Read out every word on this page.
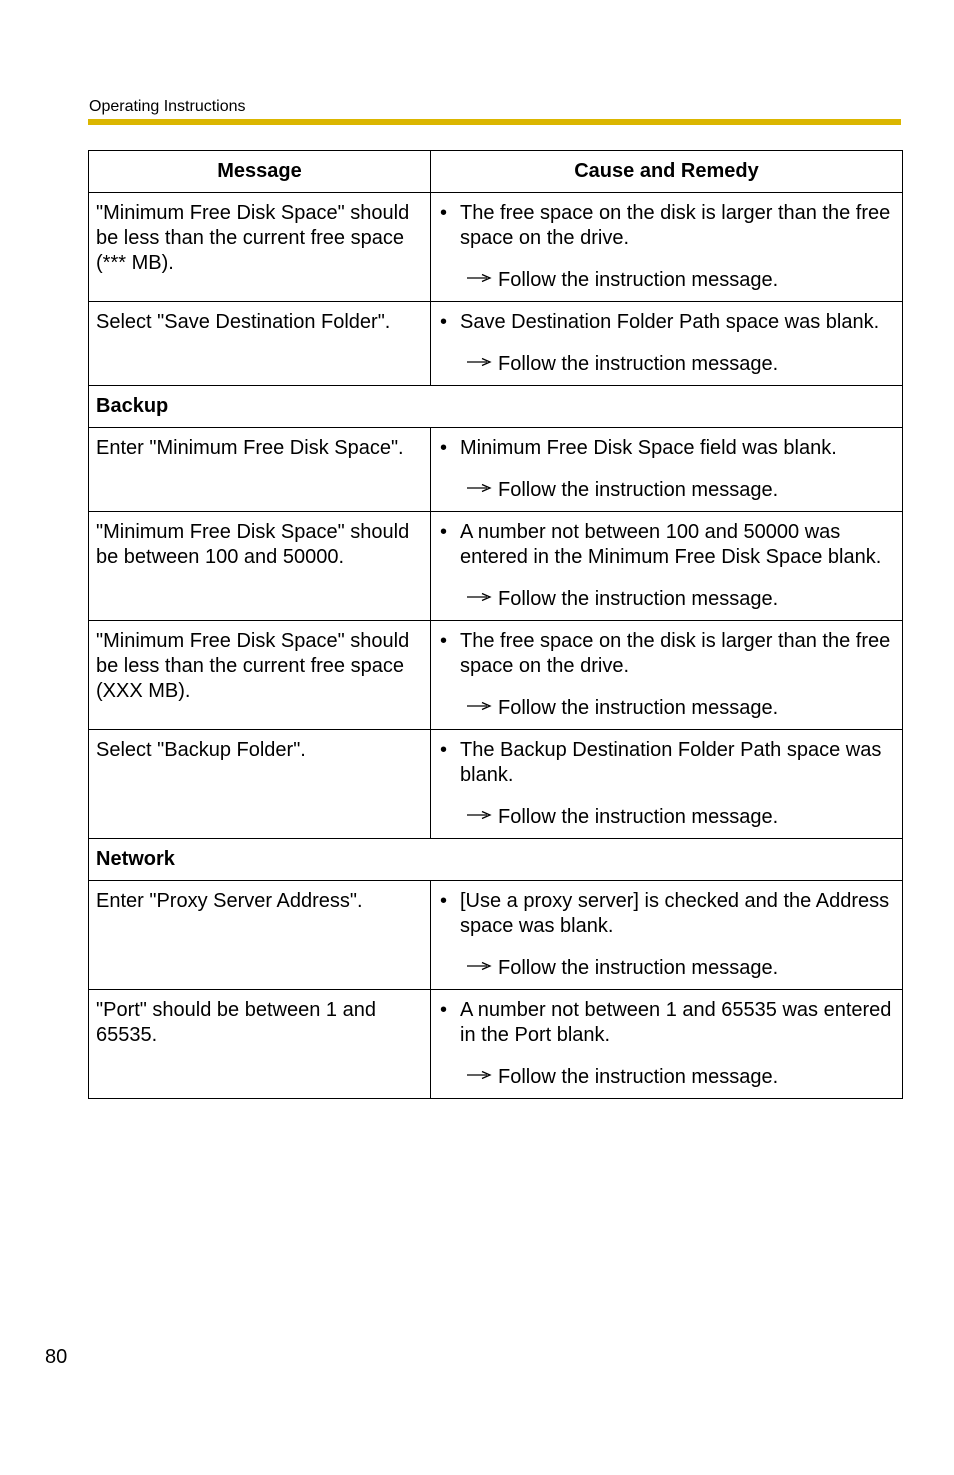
Operating Instructions
Message	Cause and Remedy
"Minimum Free Disk Space" should be less than the current free space (*** MB).	• The free space on the disk is larger than the free space on the drive.
Follow the instruction message.

Select "Save Destination Folder".	• Save Destination Folder Path space was blank.
Follow the instruction message.

Backup	
Enter "Minimum Free Disk Space".	• Minimum Free Disk Space field was blank.
Follow the instruction message.

"Minimum Free Disk Space" should be between 100 and 50000.	• A number not between 100 and 50000 was entered in the Minimum Free Disk Space blank.
Follow the instruction message.

"Minimum Free Disk Space" should be less than the current free space (XXX MB).	• The free space on the disk is larger than the free space on the drive.
Follow the instruction message.

Select "Backup Folder".	• The Backup Destination Folder Path space was blank.
Follow the instruction message.

Network	
Enter "Proxy Server Address".	• [Use a proxy server] is checked and the Address space was blank.
Follow the instruction message.

"Port" should be between 1 and 65535.	• A number not between 1 and 65535 was entered in the Port blank.
Follow the instruction message.
80
